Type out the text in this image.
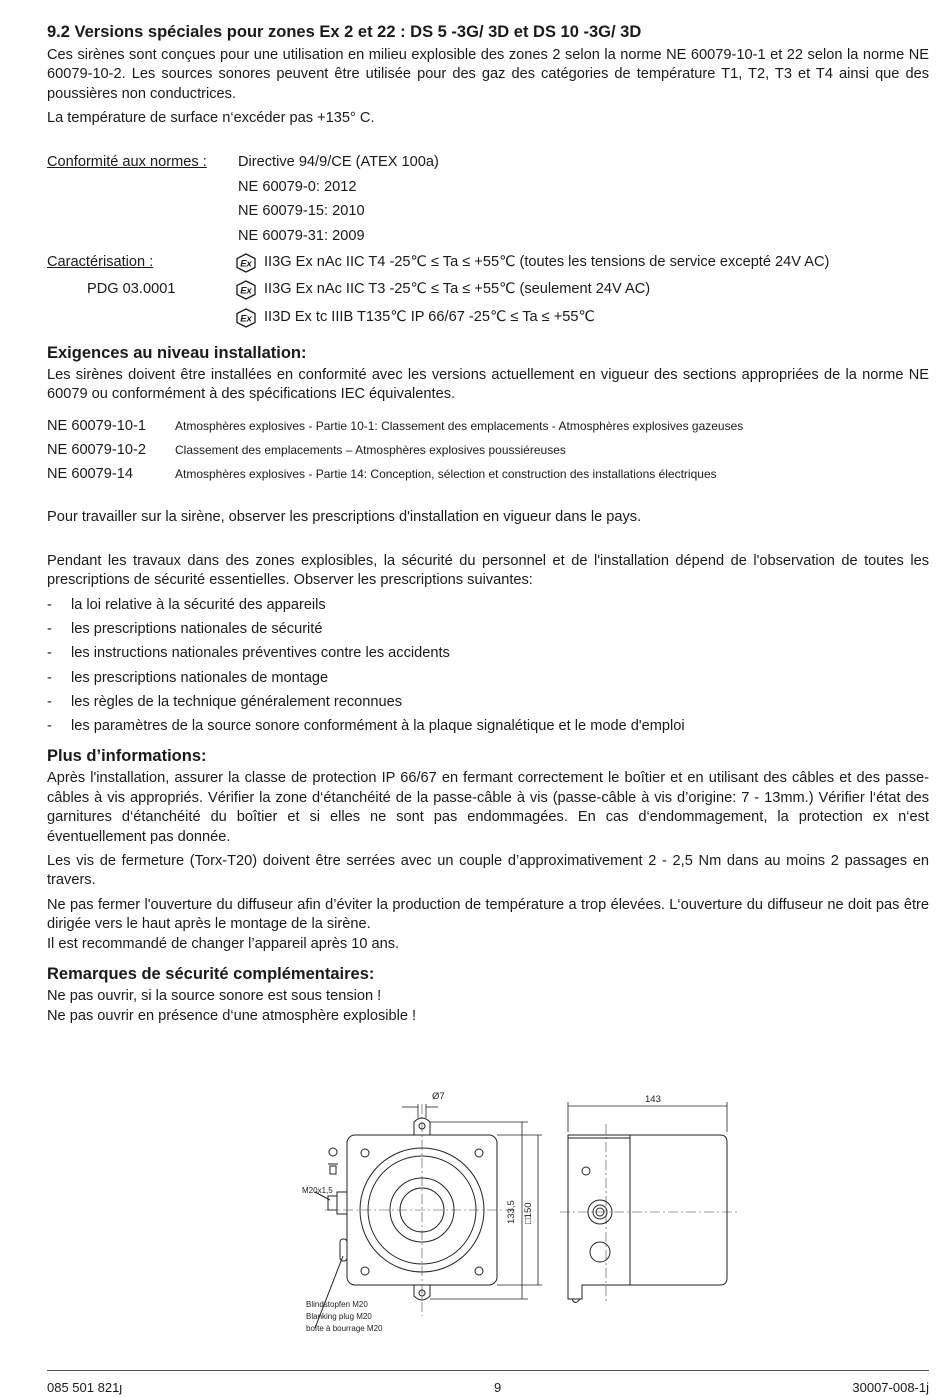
9.2 Versions spéciales pour zones Ex 2 et 22 : DS 5 -3G/ 3D et DS 10 -3G/ 3D

Ces sirènes sont conçues pour une utilisation en milieu explosible des zones 2 selon la norme NE 60079-10-1 et 22 selon la norme NE 60079-10-2. Les sources sonores peuvent être utilisée pour des gaz des catégories de température T1, T2, T3 et T4 ainsi que des poussières non conductrices.

La température de surface n‘excéder pas +135° C.

Conformité aux normes :	Directive 94/9/CE (ATEX 100a)
NE 60079-0: 2012
NE 60079-15: 2010
NE 60079-31: 2009
Caractérisation :	Ex II3G Ex nAc IIC T4 -25℃ ≤ Ta ≤ +55℃ (toutes les tensions de service excepté 24V AC)
PDG 03.0001	Ex II3G Ex nAc IIC T3 -25℃ ≤ Ta ≤ +55℃ (seulement 24V AC)
Ex II3D Ex tc IIIB T135℃ IP 66/67 -25℃ ≤ Ta ≤ +55℃
Exigences au niveau installation:

Les sirènes doivent être installées en conformité avec les versions actuellement en vigueur des sections appropriées de la norme NE 60079 ou conformément à des spécifications IEC équivalentes.

NE 60079-10-1	Atmosphères explosives - Partie 10-1: Classement des emplacements - Atmosphères explosives gazeuses
NE 60079-10-2	Classement des emplacements – Atmosphères explosives poussiéreuses
NE 60079-14	Atmosphères explosives - Partie 14: Conception, sélection et construction des installations électriques

Pour travailler sur la sirène, observer les prescriptions d'installation en vigueur dans le pays.

Pendant les travaux dans des zones explosibles, la sécurité du personnel et de l'installation dépend de l'observation de toutes les prescriptions de sécurité essentielles. Observer les prescriptions suivantes:

- la loi relative à la sécurité des appareils
- les prescriptions nationales de sécurité
- les instructions nationales préventives contre les accidents
- les prescriptions nationales de montage
- les règles de la technique généralement reconnues
- les paramètres de la source sonore conformément à la plaque signalétique et le mode d'emploi
Plus d’informations:

Après l'installation, assurer la classe de protection IP 66/67 en fermant correctement le boîtier et en utilisant des câbles et des passe-câbles à vis appropriés. Vérifier la zone d‘étanchéité de la passe-câble à vis (passe-câble à vis d’origine: 7 - 13mm.) Vérifier l‘état des garnitures d‘étanchéité du boîtier et si elles ne sont pas endommagées. En cas d‘endommagement, la protection ex n‘est éventuellement pas donnée.

Les vis de fermeture (Torx-T20) doivent être serrées avec un couple d’approximativement 2 - 2,5 Nm dans au moins 2 passages en travers.

Ne pas fermer l'ouverture du diffuseur afin d’éviter la production de température a trop élevées. L‘ouverture du diffuseur ne doit pas être dirigée vers le haut après le montage de la sirène.

Il est recommandé de changer l’appareil après 10 ans.

Remarques de sécurité complémentaires:

Ne pas ouvrir, si la source sonore est sous tension !

Ne pas ouvrir en présence d‘une atmosphère explosible !

Ø7
133,5 □150
M20x1,5
Blindstopfen M20
Blanking plug M20
boîte à bourrage M20
143
085 501 821ȷ	9	30007-008-1j
